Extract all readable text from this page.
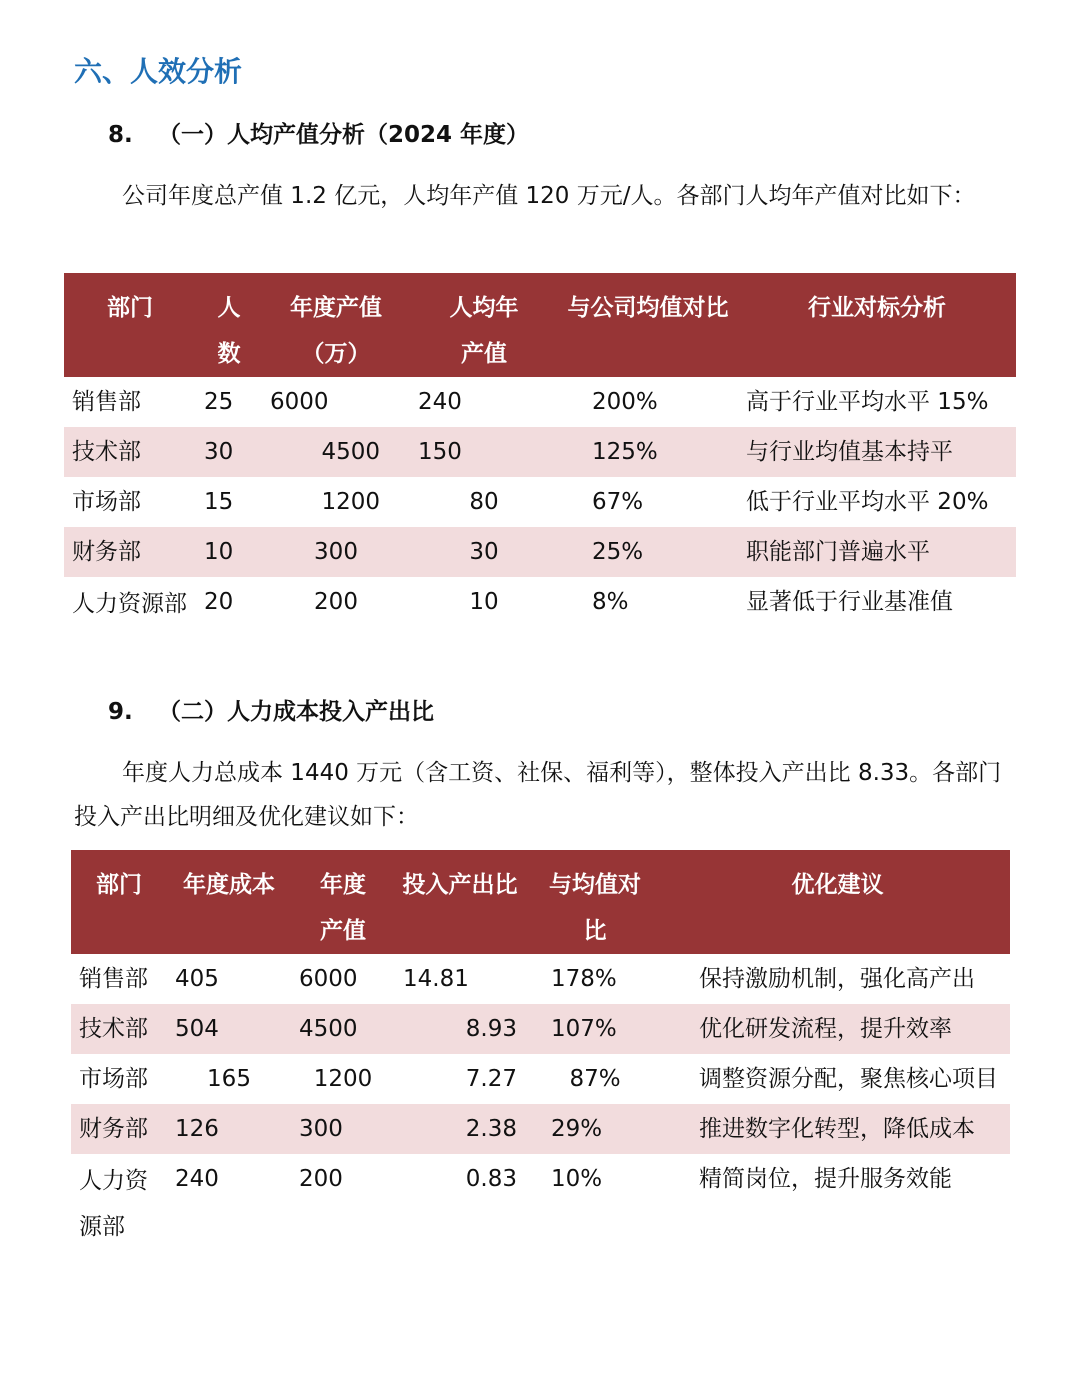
六、人效分析
8. （一）人均产值分析（2024 年度）
公司年度总产值 1.2 亿元，人均年产值 120 万元/人。各部门人均年产值对比如下：
部门	人数	年度产值（万）	人均年产值	与公司均值对比	行业对标分析
销售部	25	6000	240	200%	高于行业平均水平 15%
技术部	30	4500	150	125%	与行业均值基本持平
市场部	15	1200	80	67%	低于行业平均水平 20%
财务部	10	300	30	25%	职能部门普遍水平
人力资源部	20	200	10	8%	显著低于行业基准值
9. （二）人力成本投入产出比
年度人力总成本 1440 万元（含工资、社保、福利等），整体投入产出比 8.33。各部门投入产出比明细及优化建议如下：
部门	年度成本	年度产值	投入产出比	与均值对比	优化建议
销售部	405	6000	14.81	178%	保持激励机制，强化高产出
技术部	504	4500	8.93	107%	优化研发流程，提升效率
市场部	165	1200	7.27	87%	调整资源分配，聚焦核心项目
财务部	126	300	2.38	29%	推进数字化转型，降低成本
人力资源部	240	200	0.83	10%	精简岗位，提升服务效能
